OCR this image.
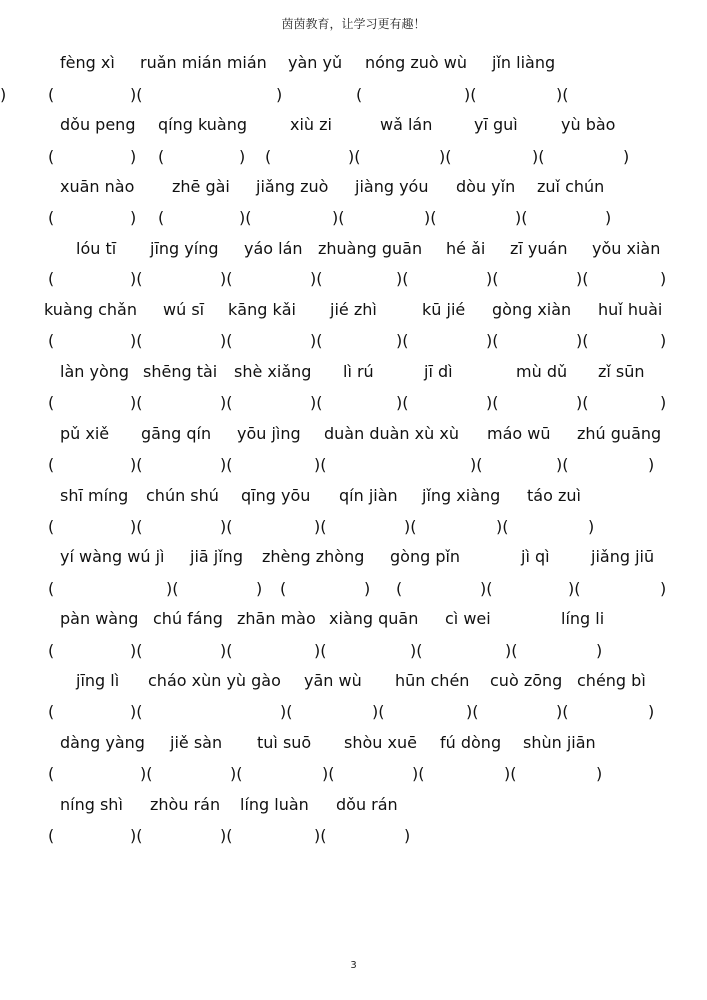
茵茵教育，让学习更有趣！
fèng xì ruǎn mián mián yàn yǔ nóng zuò wù jǐn liàng
(	)(	)	(	)(	)(
)
dǒu peng qíng kuàng	xiù zi	wǎ lán	yī guì	yù bào
(	) (	) (	)(	)(	)(	)
xuān nào zhē gài jiǎng zuò jiàng yóu dòu yǐn zuǐ chún
(	) (	)(	)(	)(	)(	)
lóu tī jīng yíng yáo lán zhuàng guān hé ǎi zī yuán yǒu xiàn
(	)(	)(	)(	)(	)(	)(	)
kuàng chǎn wú sī kāng kǎi jié zhì	kū jié gòng xiàn huǐ huài
(	)(	)(	)(	)(	)(	)(	)
làn yòng shēng tài shè xiǎng lì rú	jī dì	mù dǔ zǐ sūn
(	)(	)(	)(	)(	)(	)(	)
pǔ xiě gāng qín yōu jìng duàn duàn xù xù máo wū zhú guāng
(	)(	)(	)(	)(	)(	)
shī míng chún shú qīng yōu qín jiàn jǐng xiàng táo zuì
(	)(	)(	)(	)(	)(	)
yí wàng wú jì jiā jǐng zhèng zhòng gòng pǐn	jì qì	jiǎng jiū
(	)(	) (	) (	)(	)(	)
pàn wàng chú fáng zhān mào xiàng quān cì wei	líng li
(	)(	)(	)(	)(	)(	)
jīng lì cháo xùn yù gào yān wù hūn chén cuò zōng chéng bì
(	)(	)(	)(	)(	)(	)
dàng yàng jiě sàn tuì suō shòu xuē fú dòng shùn jiān
(	)(	)(	)(	)(	)(	)
níng shì zhòu rán líng luàn dǒu rán
(	)(	)(	)(	)
3
